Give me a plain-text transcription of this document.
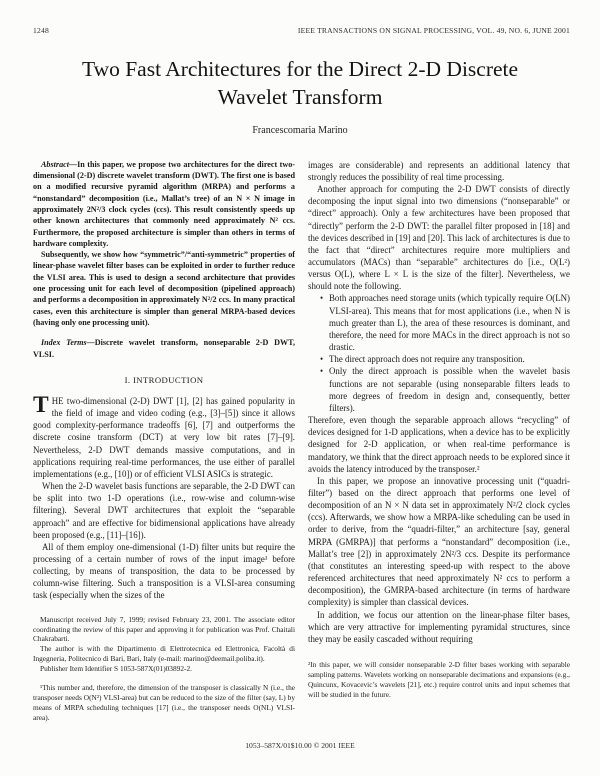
1248	IEEE TRANSACTIONS ON SIGNAL PROCESSING, VOL. 49, NO. 6, JUNE 2001
Two Fast Architectures for the Direct 2-D Discrete
Wavelet Transform
Francescomaria Marino

Abstract—In this paper, we propose two architectures for the direct two-dimensional (2-D) discrete wavelet transform (DWT). The first one is based on a modified recursive pyramid algorithm (MRPA) and performs a “nonstandard” decomposition (i.e., Mallat’s tree) of an N × N image in approximately 2N²/3 clock cycles (ccs). This result consistently speeds up other known architectures that commonly need approximately N² ccs. Furthermore, the proposed architecture is simpler than others in terms of hardware complexity.

Subsequently, we show how “symmetric”/“anti-symmetric” properties of linear-phase wavelet filter bases can be exploited in order to further reduce the VLSI area. This is used to design a second architecture that provides one processing unit for each level of decomposition (pipelined approach) and performs a decomposition in approximately N²/2 ccs. In many practical cases, even this architecture is simpler than general MRPA-based devices (having only one processing unit).

Index Terms—Discrete wavelet transform, nonseparable 2-D DWT, VLSI.

I. INTRODUCTION

THE two-dimensional (2-D) DWT [1], [2] has gained popularity in the field of image and video coding (e.g., [3]–[5]) since it allows good complexity-performance tradeoffs [6], [7] and outperforms the discrete cosine transform (DCT) at very low bit rates [7]–[9]. Nevertheless, 2-D DWT demands massive computations, and in applications requiring real-time performances, the use either of parallel implementations (e.g., [10]) or of efficient VLSI ASICs is strategic.

When the 2-D wavelet basis functions are separable, the 2-D DWT can be split into two 1-D operations (i.e., row-wise and column-wise filtering). Several DWT architectures that exploit the “separable approach” and are effective for bidimensional applications have already been proposed (e.g., [11]–[16]).

All of them employ one-dimensional (1-D) filter units but require the processing of a certain number of rows of the input image¹ before collecting, by means of transposition, the data to be processed by column-wise filtering. Such a transposition is a VLSI-area consuming task (especially when the sizes of the

Manuscript received July 7, 1999; revised February 23, 2001. The associate editor coordinating the review of this paper and approving it for publication was Prof. Chaitali Chakrabarti.

The author is with the Dipartimento di Elettrotecnica ed Elettronica, Facoltà di Ingegneria, Politecnico di Bari, Bari, Italy (e-mail: marino@deemail.poliba.it).

Publisher Item Identifier S 1053-587X(01)03892-2.

¹This number and, therefore, the dimension of the transposer is classically N (i.e., the transposer needs O(N²) VLSI-area) but can be reduced to the size of the filter (say, L) by means of MRPA scheduling techniques [17] (i.e., the transposer needs O(NL) VLSI-area).

images are considerable) and represents an additional latency that strongly reduces the possibility of real time processing.

Another approach for computing the 2-D DWT consists of directly decomposing the input signal into two dimensions (“nonseparable” or “direct” approach). Only a few architectures have been proposed that “directly” perform the 2-D DWT: the parallel filter proposed in [18] and the devices described in [19] and [20]. This lack of architectures is due to the fact that “direct” architectures require more multipliers and accumulators (MACs) than “separable” architectures do [i.e., O(L²) versus O(L), where L × L is the size of the filter]. Nevertheless, we should note the following.

• Both approaches need storage units (which typically require O(LN) VLSI-area). This means that for most applications (i.e., when N is much greater than L), the area of these resources is dominant, and therefore, the need for more MACs in the direct approach is not so drastic.
• The direct approach does not require any transposition.
• Only the direct approach is possible when the wavelet basis functions are not separable (using nonseparable filters leads to more degrees of freedom in design and, consequently, better filters).

Therefore, even though the separable approach allows “recycling” of devices designed for 1-D applications, when a device has to be explicitly designed for 2-D application, or when real-time performance is mandatory, we think that the direct approach needs to be explored since it avoids the latency introduced by the transposer.²

In this paper, we propose an innovative processing unit (“quadri-filter”) based on the direct approach that performs one level of decomposition of an N × N data set in approximately N²/2 clock cycles (ccs). Afterwards, we show how a MRPA-like scheduling can be used in order to derive, from the “quadri-filter,” an architecture [say, general MRPA (GMRPA)] that performs a “nonstandard” decomposition (i.e., Mallat’s tree [2]) in approximately 2N²/3 ccs. Despite its performance (that constitutes an interesting speed-up with respect to the above referenced architectures that need approximately N² ccs to perform a decomposition), the GMRPA-based architecture (in terms of hardware complexity) is simpler than classical devices.

In addition, we focus our attention on the linear-phase filter bases, which are very attractive for implementing pyramidal structures, since they may be easily cascaded without requiring

²In this paper, we will consider nonseparable 2-D filter bases working with separable sampling patterns. Wavelets working on nonseparable decimations and expansions (e.g., Quincunx, Kovacevic’s wavelets [21], etc.) require control units and input schemes that will be studied in the future.

1053–587X/01$10.00 © 2001 IEEE
